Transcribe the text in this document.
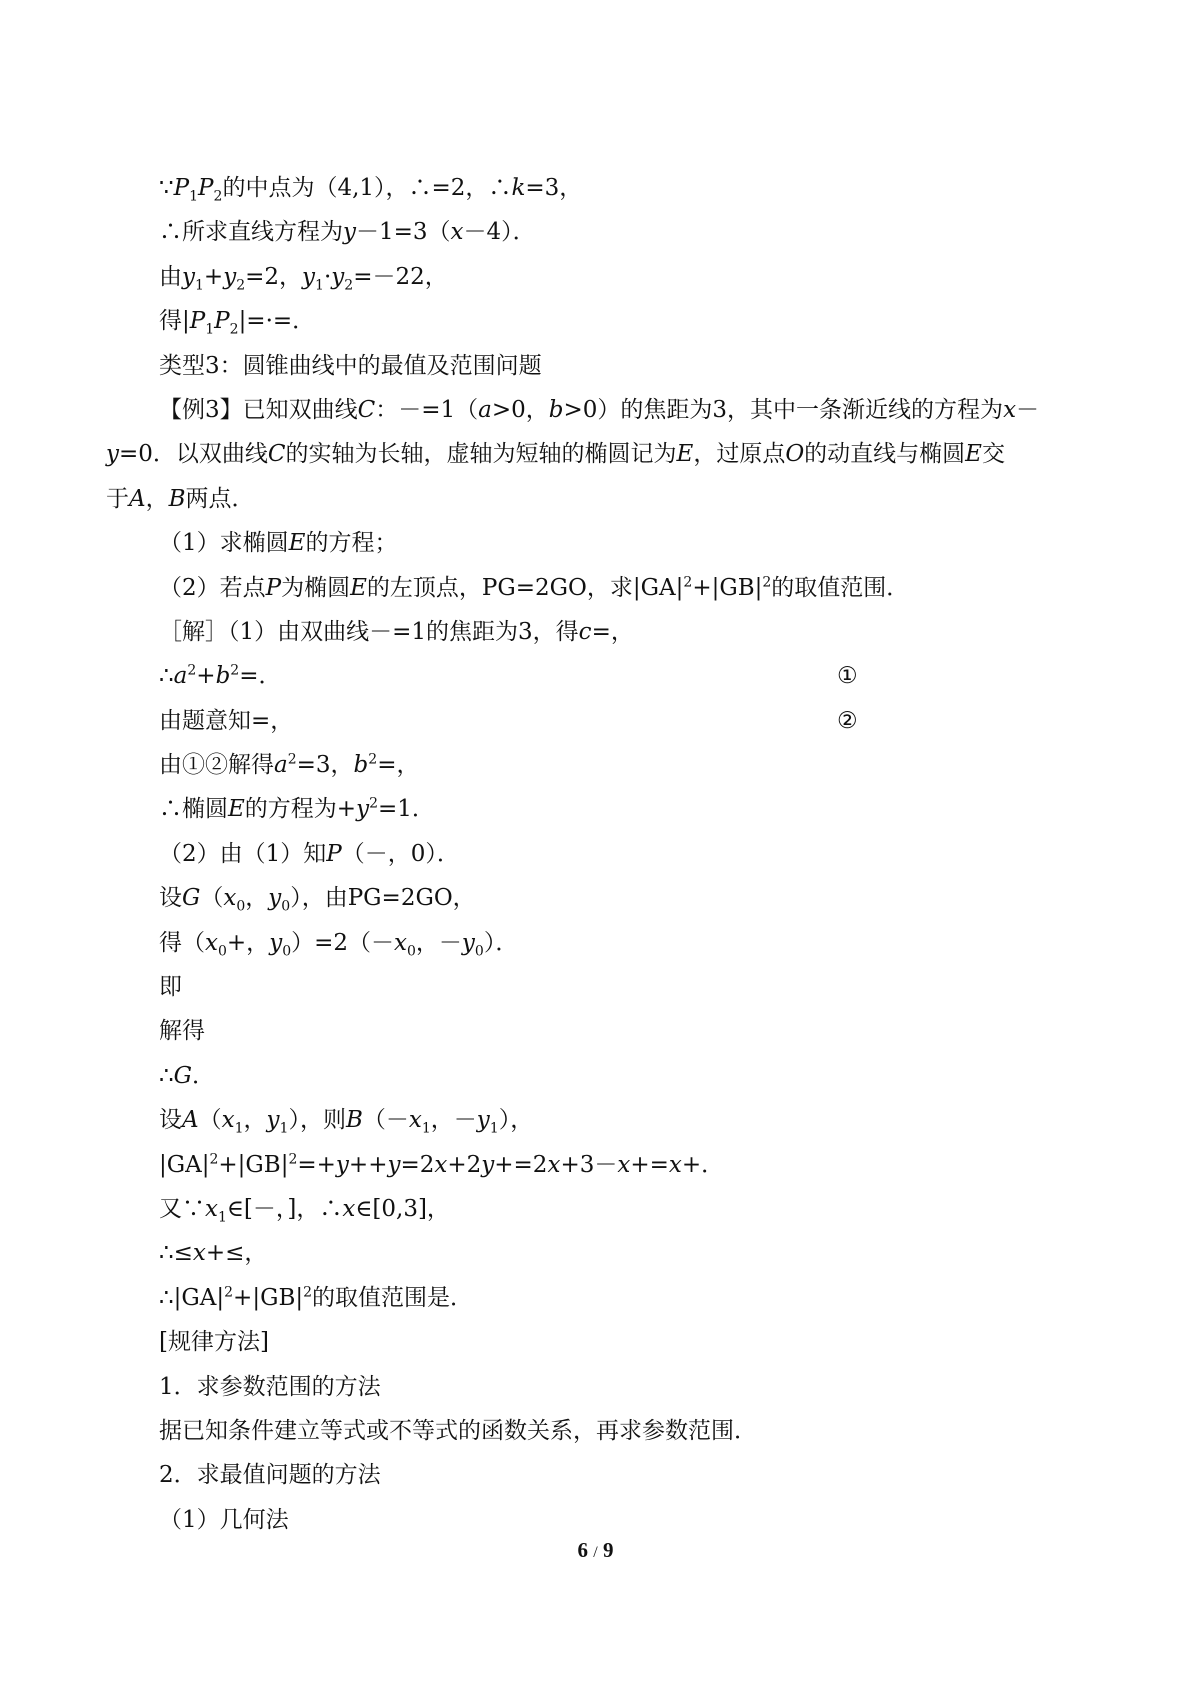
$\because P_1P_2$的中点为（4,1），∴=2，∴k=3，
∴所求直线方程为y－1=3（x－4）．
由$y_1+y_2=2$，$y_1\cdot y_2=-22$，
得$|P_1P_2|=\cdot=$．
类型3：圆锥曲线中的最值及范围问题
【例3】已知双曲线C：－=1（a>0，b>0）的焦距为3，其中一条渐近线的方程为x－
y=0．以双曲线C的实轴为长轴，虚轴为短轴的椭圆记为E，过原点O的动直线与椭圆E交
于A，B两点．
（1）求椭圆E的方程；
（2）若点P为椭圆E的左顶点，PG=2GO，求$|GA|^2+|GB|^2$的取值范围．
［解］（1）由双曲线－=1的焦距为3，得c=，
$\therefore a^2+b^2=$．	①
由题意知=，	②
由①②解得$a^2=3$，$b^2=$，
∴椭圆E的方程为$+y^2=1$．
（2）由（1）知P（－，0）．
设$G(x_0$，$y_0$），由PG=2GO，
得（$x_0+$，$y_0)=2(-x_0$，$-y_0$）．
即
解得
∴G．
设$A(x_1$，$y_1$），则$B(-x_1$，$-y_1$），
$|GA|^2+|GB|^2=+y++y=2x+2y+=2x+3-x+=x+$．
又$\because x_1\in[-$，]，∴x∈[0,3]，
∴≤x+≤，
$\therefore|GA|^2+|GB|^2$的取值范围是．
[规律方法]
1．求参数范围的方法
据已知条件建立等式或不等式的函数关系，再求参数范围．
2．求最值问题的方法
（1）几何法
6 / 9
